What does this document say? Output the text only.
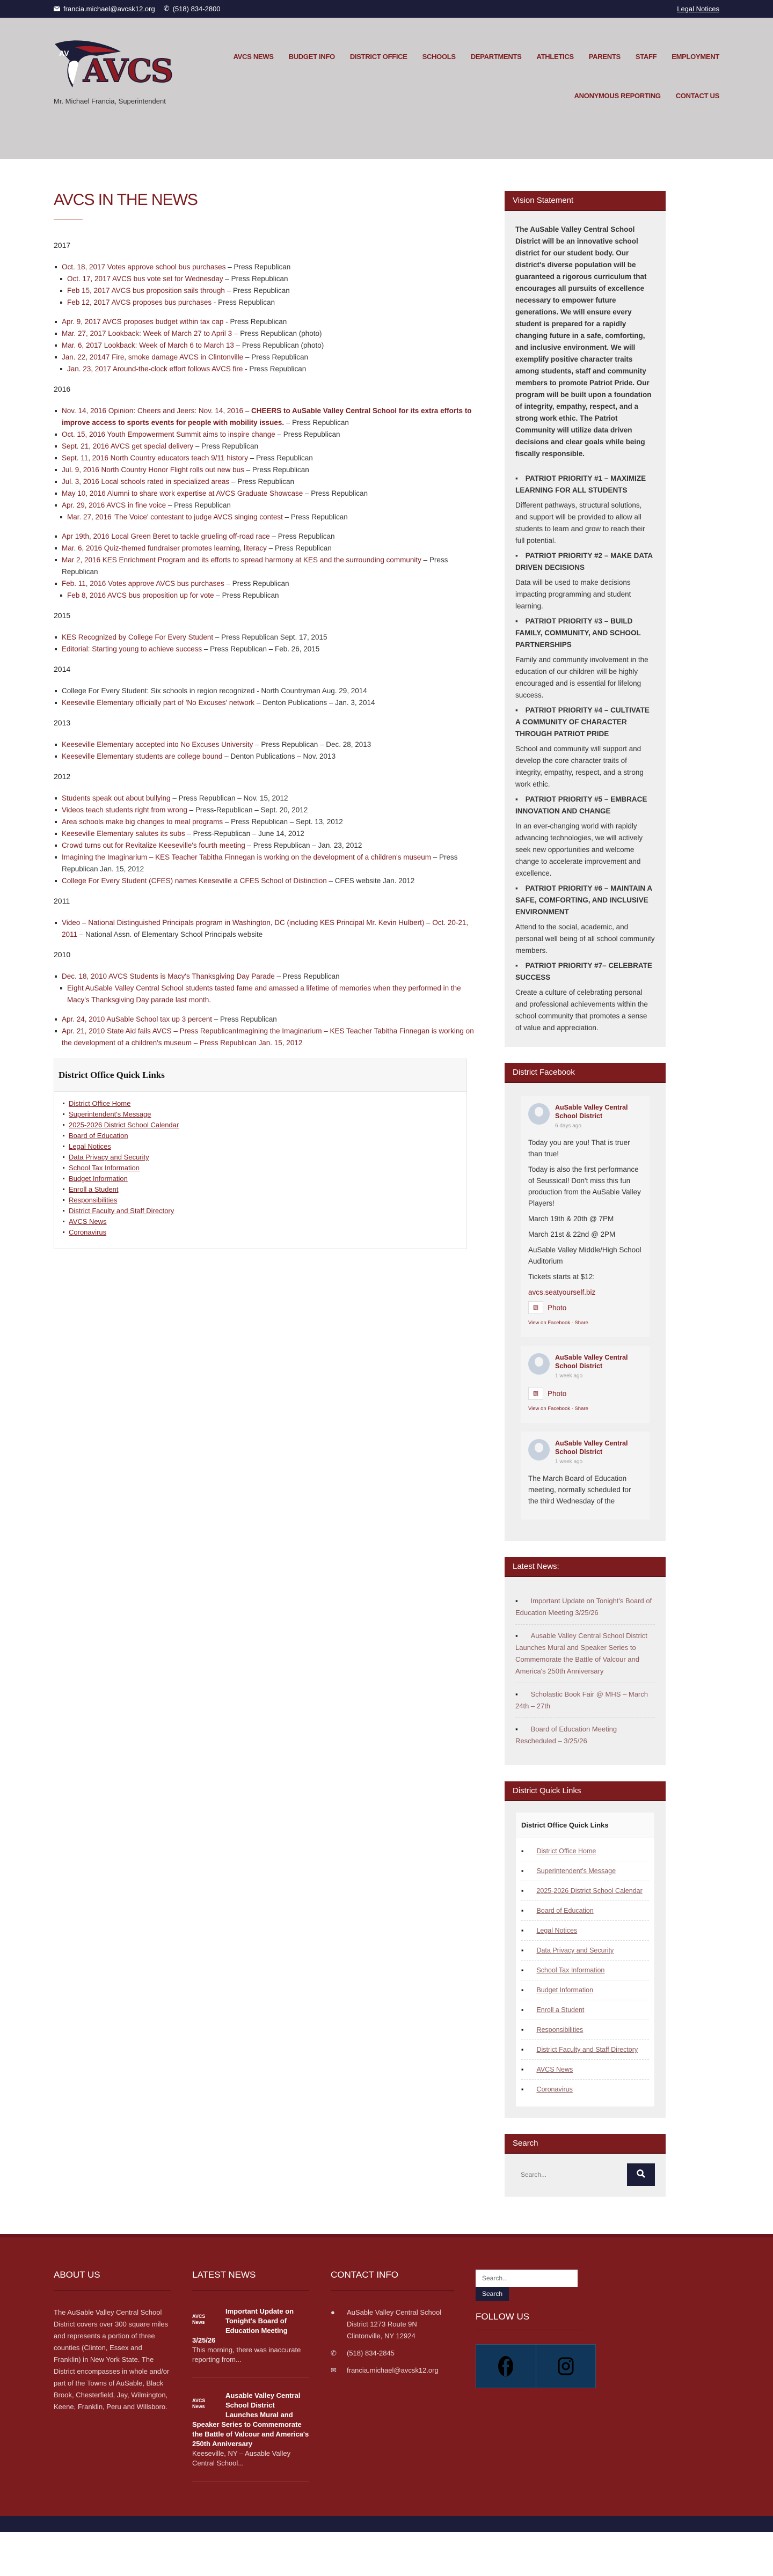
francia.michael@avcsk12.org ✆ (518) 834-2800	Legal Notices
AV AVCS
Mr. Michael Francia, Superintendent
AVCS NEWS BUDGET INFO DISTRICT OFFICE SCHOOLS DEPARTMENTS ATHLETICS PARENTS STAFF EMPLOYMENT
ANONYMOUS REPORTING CONTACT US
AVCS IN THE NEWS
2017
Oct. 18, 2017 Votes approve school bus purchases – Press Republican
Oct. 17, 2017 AVCS bus vote set for Wednesday – Press Republican
Feb 15, 2017 AVCS bus proposition sails through – Press Republican
Feb 12, 2017 AVCS proposes bus purchases - Press Republican
Apr. 9, 2017 AVCS proposes budget within tax cap - Press Republican
Mar. 27, 2017 Lookback: Week of March 27 to April 3 – Press Republican (photo)
Mar. 6, 2017 Lookback: Week of March 6 to March 13 – Press Republican (photo)
Jan. 22, 20147 Fire, smoke damage AVCS in Clintonville – Press Republican
Jan. 23, 2017 Around-the-clock effort follows AVCS fire - Press Republican
2016
Nov. 14, 2016 Opinion: Cheers and Jeers: Nov. 14, 2016 – CHEERS to AuSable Valley Central School for its extra efforts to improve access to sports events for people with mobility issues. – Press Republican
Oct. 15, 2016 Youth Empowerment Summit aims to inspire change – Press Republican
Sept. 21, 2016 AVCS get special delivery – Press Republican
Sept. 11, 2016 North Country educators teach 9/11 history – Press Republican
Jul. 9, 2016 North Country Honor Flight rolls out new bus – Press Republican
Jul. 3, 2016 Local schools rated in specialized areas – Press Republican
May 10, 2016 Alumni to share work expertise at AVCS Graduate Showcase – Press Republican
Apr. 29, 2016 AVCS in fine voice – Press Republican
Mar. 27, 2016 'The Voice' contestant to judge AVCS singing contest – Press Republican
Apr 19th, 2016 Local Green Beret to tackle grueling off-road race – Press Republican
Mar. 6, 2016 Quiz-themed fundraiser promotes learning, literacy – Press Republican
Mar 2, 2016 KES Enrichment Program and its efforts to spread harmony at KES and the surrounding community – Press Republican
Feb. 11, 2016 Votes approve AVCS bus purchases – Press Republican
Feb 8, 2016 AVCS bus proposition up for vote – Press Republican
2015
KES Recognized by College For Every Student – Press Republican Sept. 17, 2015
Editorial: Starting young to achieve success – Press Republican – Feb. 26, 2015
2014
College For Every Student: Six schools in region recognized - North Countryman Aug. 29, 2014
Keeseville Elementary officially part of 'No Excuses' network – Denton Publications – Jan. 3, 2014
2013
Keeseville Elementary accepted into No Excuses University – Press Republican – Dec. 28, 2013
Keeseville Elementary students are college bound – Denton Publications – Nov. 2013
2012
Students speak out about bullying – Press Republican – Nov. 15, 2012
Videos teach students right from wrong – Press-Republican – Sept. 20, 2012
Area schools make big changes to meal programs – Press Republican – Sept. 13, 2012
Keeseville Elementary salutes its subs – Press-Republican – June 14, 2012
Crowd turns out for Revitalize Keeseville's fourth meeting – Press Republican – Jan. 23, 2012
Imagining the Imaginarium – KES Teacher Tabitha Finnegan is working on the development of a children's museum – Press Republican Jan. 15, 2012
College For Every Student (CFES) names Keeseville a CFES School of Distinction – CFES website Jan. 2012
2011
Video – National Distinguished Principals program in Washington, DC (including KES Principal Mr. Kevin Hulbert) – Oct. 20-21, 2011 – National Assn. of Elementary School Principals website
2010
Dec. 18, 2010 AVCS Students is Macy's Thanksgiving Day Parade – Press Republican
Eight AuSable Valley Central School students tasted fame and amassed a lifetime of memories when they performed in the Macy's Thanksgiving Day parade last month.
Apr. 24, 2010 AuSable School tax up 3 percent – Press Republican
Apr. 21, 2010 State Aid fails AVCS – Press RepublicanImagining the Imaginarium – KES Teacher Tabitha Finnegan is working on the development of a children's museum – Press Republican Jan. 15, 2012
District Office Quick Links
District Office Home
Superintendent's Message
2025-2026 District School Calendar
Board of Education
Legal Notices
Data Privacy and Security
School Tax Information
Budget Information
Enroll a Student
Responsibilities
District Faculty and Staff Directory
AVCS News
Coronavirus
Vision Statement
The AuSable Valley Central School District will be an innovative school district for our student body. Our district's diverse population will be guaranteed a rigorous curriculum that encourages all pursuits of excellence necessary to empower future generations. We will ensure every student is prepared for a rapidly changing future in a safe, comforting, and inclusive environment. We will exemplify positive character traits among students, staff and community members to promote Patriot Pride. Our program will be built upon a foundation of integrity, empathy, respect, and a strong work ethic. The Patriot Community will utilize data driven decisions and clear goals while being fiscally responsible.
▪ PATRIOT PRIORITY #1 – MAXIMIZE LEARNING FOR ALL STUDENTS
Different pathways, structural solutions, and support will be provided to allow all students to learn and grow to reach their full potential.
▪ PATRIOT PRIORITY #2 – MAKE DATA DRIVEN DECISIONS
Data will be used to make decisions impacting programming and student learning.
▪ PATRIOT PRIORITY #3 – BUILD FAMILY, COMMUNITY, AND SCHOOL PARTNERSHIPS
Family and community involvement in the education of our children will be highly encouraged and is essential for lifelong success.
▪ PATRIOT PRIORITY #4 – CULTIVATE A COMMUNITY OF CHARACTER THROUGH PATRIOT PRIDE
School and community will support and develop the core character traits of integrity, empathy, respect, and a strong work ethic.
▪ PATRIOT PRIORITY #5 – EMBRACE INNOVATION AND CHANGE
In an ever-changing world with rapidly advancing technologies, we will actively seek new opportunities and welcome change to accelerate improvement and excellence.
▪ PATRIOT PRIORITY #6 – MAINTAIN A SAFE, COMFORTING, AND INCLUSIVE ENVIRONMENT
Attend to the social, academic, and personal well being of all school community members.
▪ PATRIOT PRIORITY #7– CELEBRATE SUCCESS
Create a culture of celebrating personal and professional achievements within the school community that promotes a sense of value and appreciation.
District Facebook
AuSable Valley Central School District
6 days ago

Today you are you! That is truer than true!

Today is also the first performance of Seussical! Don't miss this fun production from the AuSable Valley Players!

March 19th & 20th @ 7PM

March 21st & 22nd @ 2PM

AuSable Valley Middle/High School Auditorium

Tickets starts at $12:

avcs.seatyourself.biz
▧	Photo
View on Facebook · Share
AuSable Valley Central School District
1 week ago
▧	Photo
View on Facebook · Share
AuSable Valley Central School District
1 week ago

The March Board of Education meeting, normally scheduled for the third Wednesday of the

Latest News:
▪ Important Update on Tonight's Board of Education Meeting 3/25/26
▪ Ausable Valley Central School District Launches Mural and Speaker Series to Commemorate the Battle of Valcour and America's 250th Anniversary
▪ Scholastic Book Fair @ MHS – March 24th – 27th
▪ Board of Education Meeting Rescheduled – 3/25/26
District Quick Links
District Office Quick Links
▪ District Office Home
▪ Superintendent's Message
▪ 2025-2026 District School Calendar
▪ Board of Education
▪ Legal Notices
▪ Data Privacy and Security
▪ School Tax Information
▪ Budget Information
▪ Enroll a Student
▪ Responsibilities
▪ District Faculty and Staff Directory
▪ AVCS News
▪ Coronavirus
Search
Search...
ABOUT US

The AuSable Valley Central School District covers over 300 square miles and represents a portion of three counties (Clinton, Essex and Franklin) in New York State. The District encompasses in whole and/or part of the Towns of AuSable, Black Brook, Chesterfield, Jay, Wilmington, Keene, Franklin, Peru and Willsboro.

LATEST NEWS
AVCS News
Important Update on Tonight's Board of Education Meeting 3/25/26
This morning, there was inaccurate reporting from...
AVCS News
Ausable Valley Central School District Launches Mural and Speaker Series to Commemorate the Battle of Valcour and America's 250th Anniversary
Keeseville, NY – Ausable Valley Central School...
CONTACT INFO
●	AuSable Valley Central School District 1273 Route 9N Clintonville, NY 12924
✆ (518) 834-2845
✉ francia.michael@avcsk12.org
Search...
Search
FOLLOW US
